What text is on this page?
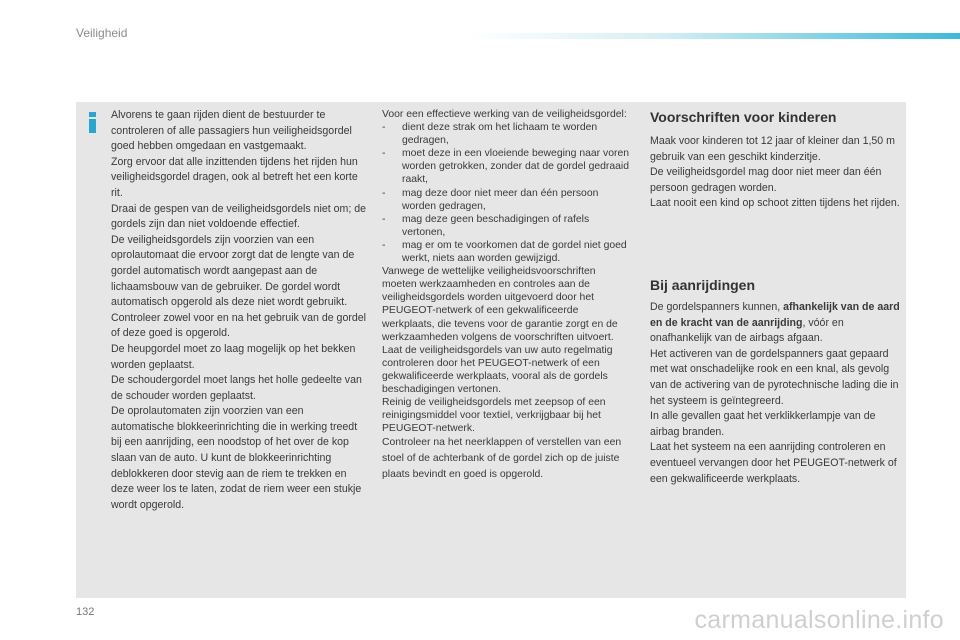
Veiligheid

Alvorens te gaan rijden dient de bestuurder te controleren of alle passagiers hun veiligheidsgordel goed hebben omgedaan en vastgemaakt.

Zorg ervoor dat alle inzittenden tijdens het rijden hun veiligheidsgordel dragen, ook al betreft het een korte rit.

Draai de gespen van de veiligheidsgordels niet om; de gordels zijn dan niet voldoende effectief.

De veiligheidsgordels zijn voorzien van een oprolautomaat die ervoor zorgt dat de lengte van de gordel automatisch wordt aangepast aan de lichaamsbouw van de gebruiker. De gordel wordt automatisch opgerold als deze niet wordt gebruikt.

Controleer zowel voor en na het gebruik van de gordel of deze goed is opgerold.

De heupgordel moet zo laag mogelijk op het bekken worden geplaatst.

De schoudergordel moet langs het holle gedeelte van de schouder worden geplaatst.

De oprolautomaten zijn voorzien van een automatische blokkeerinrichting die in werking treedt bij een aanrijding, een noodstop of het over de kop slaan van de auto. U kunt de blokkeerinrichting deblokkeren door stevig aan de riem te trekken en deze weer los te laten, zodat de riem weer een stukje wordt opgerold.

Voor een effectieve werking van de veiligheidsgordel:

-	dient deze strak om het lichaam te worden gedragen,
-	moet deze in een vloeiende beweging naar voren worden getrokken, zonder dat de gordel gedraaid raakt,
-	mag deze door niet meer dan één persoon worden gedragen,
-	mag deze geen beschadigingen of rafels vertonen,
-	mag er om te voorkomen dat de gordel niet goed werkt, niets aan worden gewijzigd.

Vanwege de wettelijke veiligheidsvoorschriften moeten werkzaamheden en controles aan de veiligheidsgordels worden uitgevoerd door het PEUGEOT-netwerk of een gekwalificeerde werkplaats, die tevens voor de garantie zorgt en de werkzaamheden volgens de voorschriften uitvoert.

Laat de veiligheidsgordels van uw auto regelmatig controleren door het PEUGEOT-netwerk of een gekwalificeerde werkplaats, vooral als de gordels beschadigingen vertonen.

Reinig de veiligheidsgordels met zeepsop of een reinigingsmiddel voor textiel, verkrijgbaar bij het PEUGEOT-netwerk.

Controleer na het neerklappen of verstellen van een stoel of de achterbank of de gordel zich op de juiste plaats bevindt en goed is opgerold.

Voorschriften voor kinderen

Maak voor kinderen tot 12 jaar of kleiner dan 1,50 m gebruik van een geschikt kinderzitje.

De veiligheidsgordel mag door niet meer dan één persoon gedragen worden.

Laat nooit een kind op schoot zitten tijdens het rijden.

Bij aanrijdingen

De gordelspanners kunnen, afhankelijk van de aard en de kracht van de aanrijding, vóór en onafhankelijk van de airbags afgaan.

Het activeren van de gordelspanners gaat gepaard met wat onschadelijke rook en een knal, als gevolg van de activering van de pyrotechnische lading die in het systeem is geïntegreerd.

In alle gevallen gaat het verklikkerlampje van de airbag branden.

Laat het systeem na een aanrijding controleren en eventueel vervangen door het PEUGEOT-netwerk of een gekwalificeerde werkplaats.

132	carmanualsonline.info
